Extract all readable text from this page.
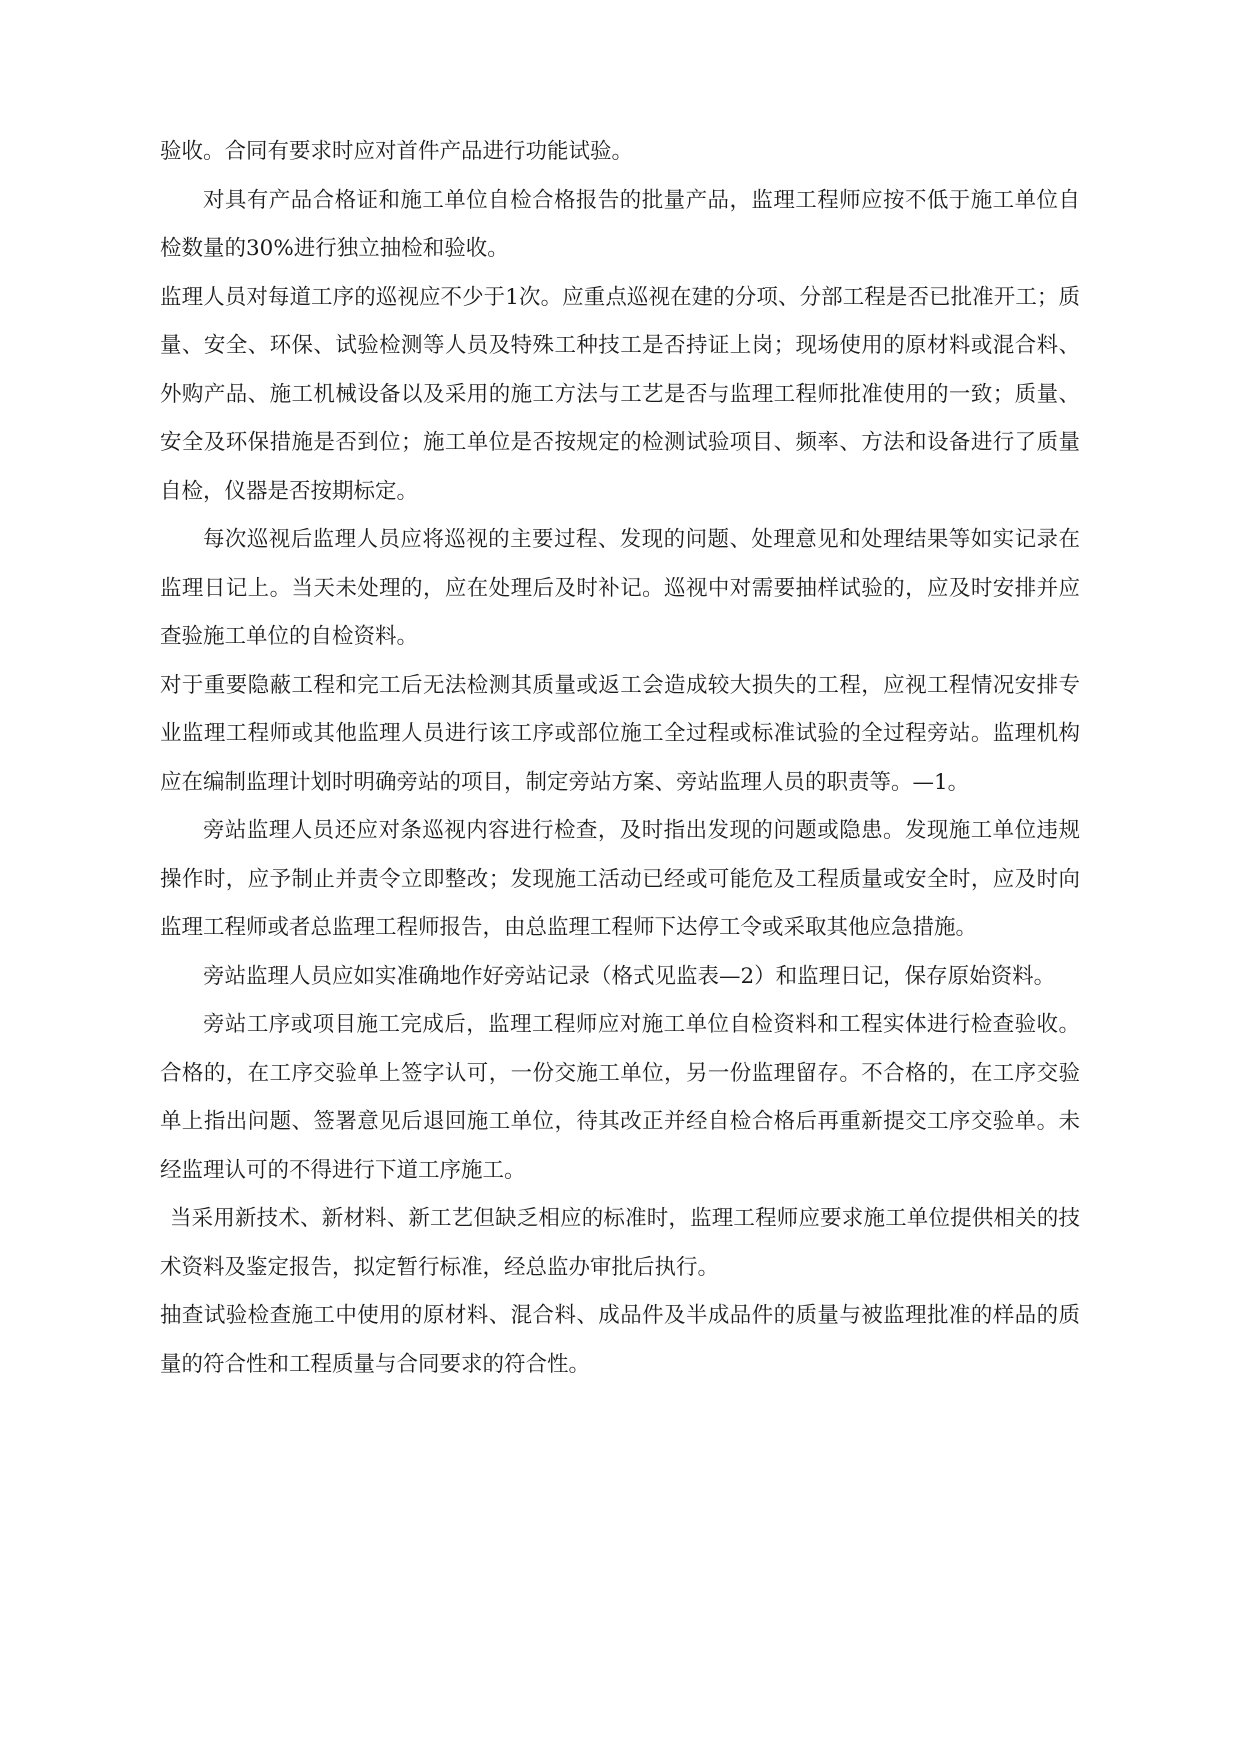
验收。合同有要求时应对首件产品进行功能试验。

对具有产品合格证和施工单位自检合格报告的批量产品，监理工程师应按不低于施工单位自检数量的30%进行独立抽检和验收。

监理人员对每道工序的巡视应不少于1次。应重点巡视在建的分项、分部工程是否已批准开工；质量、安全、环保、试验检测等人员及特殊工种技工是否持证上岗；现场使用的原材料或混合料、外购产品、施工机械设备以及采用的施工方法与工艺是否与监理工程师批准使用的一致；质量、安全及环保措施是否到位；施工单位是否按规定的检测试验项目、频率、方法和设备进行了质量自检，仪器是否按期标定。

每次巡视后监理人员应将巡视的主要过程、发现的问题、处理意见和处理结果等如实记录在监理日记上。当天未处理的，应在处理后及时补记。巡视中对需要抽样试验的，应及时安排并应查验施工单位的自检资料。

对于重要隐蔽工程和完工后无法检测其质量或返工会造成较大损失的工程，应视工程情况安排专业监理工程师或其他监理人员进行该工序或部位施工全过程或标准试验的全过程旁站。监理机构应在编制监理计划时明确旁站的项目，制定旁站方案、旁站监理人员的职责等。—1。

旁站监理人员还应对条巡视内容进行检查，及时指出发现的问题或隐患。发现施工单位违规操作时，应予制止并责令立即整改；发现施工活动已经或可能危及工程质量或安全时，应及时向监理工程师或者总监理工程师报告，由总监理工程师下达停工令或采取其他应急措施。

旁站监理人员应如实准确地作好旁站记录（格式见监表—2）和监理日记，保存原始资料。

旁站工序或项目施工完成后，监理工程师应对施工单位自检资料和工程实体进行检查验收。合格的，在工序交验单上签字认可，一份交施工单位，另一份监理留存。不合格的，在工序交验单上指出问题、签署意见后退回施工单位，待其改正并经自检合格后再重新提交工序交验单。未经监理认可的不得进行下道工序施工。

当采用新技术、新材料、新工艺但缺乏相应的标准时，监理工程师应要求施工单位提供相关的技术资料及鉴定报告，拟定暂行标准，经总监办审批后执行。

抽查试验检查施工中使用的原材料、混合料、成品件及半成品件的质量与被监理批准的样品的质量的符合性和工程质量与合同要求的符合性。
